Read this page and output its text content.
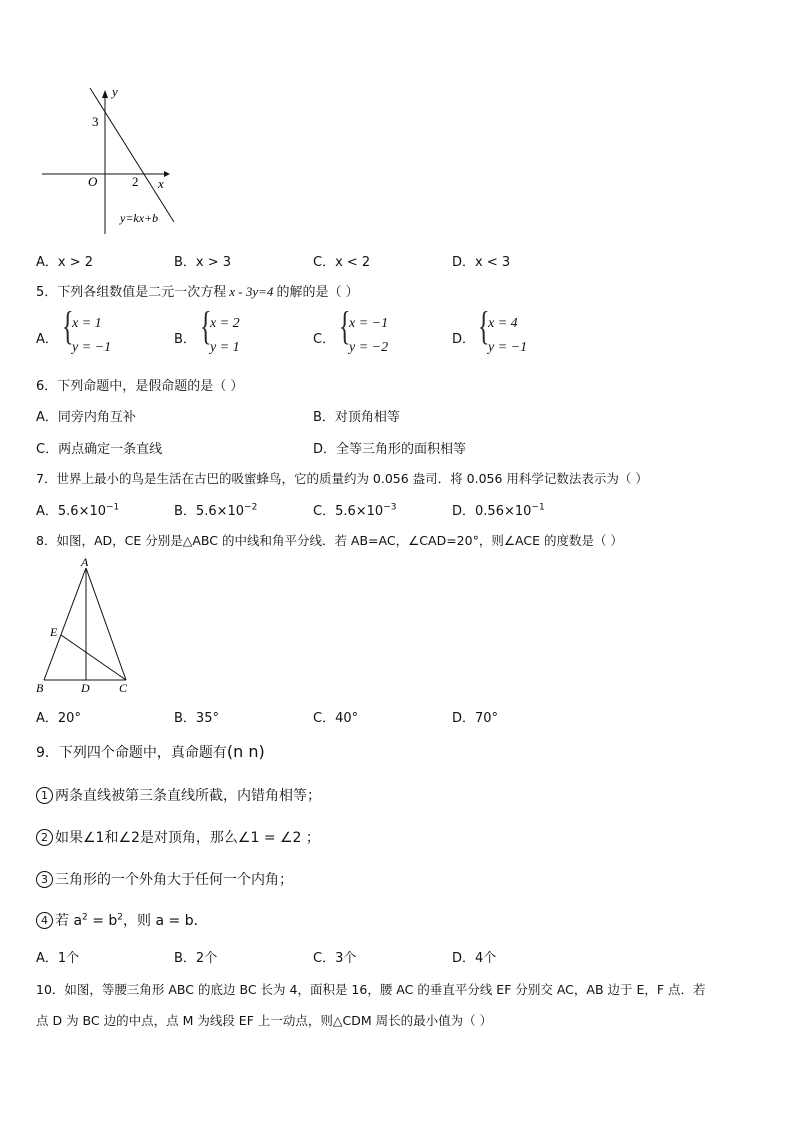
y
3
O	2 x
y=kx+b
A．x > 2	B．x > 3	C．x < 2	D．x < 3
5．下列各组数值是二元一次方程 x - 3y=4 的解的是（ ）
A． {
x = 1
y = −1
B． {
x = 2
y = 1
C． {
x = −1
y = −2
D． {
x = 4
y = −1
6．下列命题中，是假命题的是（ ）
A．同旁内角互补	B．对顶角相等
C．两点确定一条直线	D．全等三角形的面积相等
7．世界上最小的鸟是生活在古巴的吸蜜蜂鸟，它的质量约为 0.056 盎司．将 0.056 用科学记数法表示为（ ）
A．$5.6\times 10^{-1}$	B．$5.6\times 10^{-2}$	C．$5.6\times 10^{-3}$	D．$0.56\times 10^{-1}$
8．如图，AD，CE 分别是△ABC 的中线和角平分线．若 AB=AC，∠CAD=20°，则∠ACE 的度数是（ ）
A
E
B	D C
A．20°	B．35°	C．40°	D．70°
9．下列四个命题中，真命题有(n n)
1 两条直线被第三条直线所截，内错角相等；
2 如果∠1和∠2是对顶角，那么∠1 = ∠2 ；
3 三角形的一个外角大于任何一个内角；
4 若 $a^2 = b^2$，则 a = b．
A．1个	B．2个	C．3个	D．4个
10．如图，等腰三角形 ABC 的底边 BC 长为 4，面积是 16，腰 AC 的垂直平分线 EF 分别交 AC，AB 边于 E，F 点．若
点 D 为 BC 边的中点，点 M 为线段 EF 上一动点，则△CDM 周长的最小值为（ ）
